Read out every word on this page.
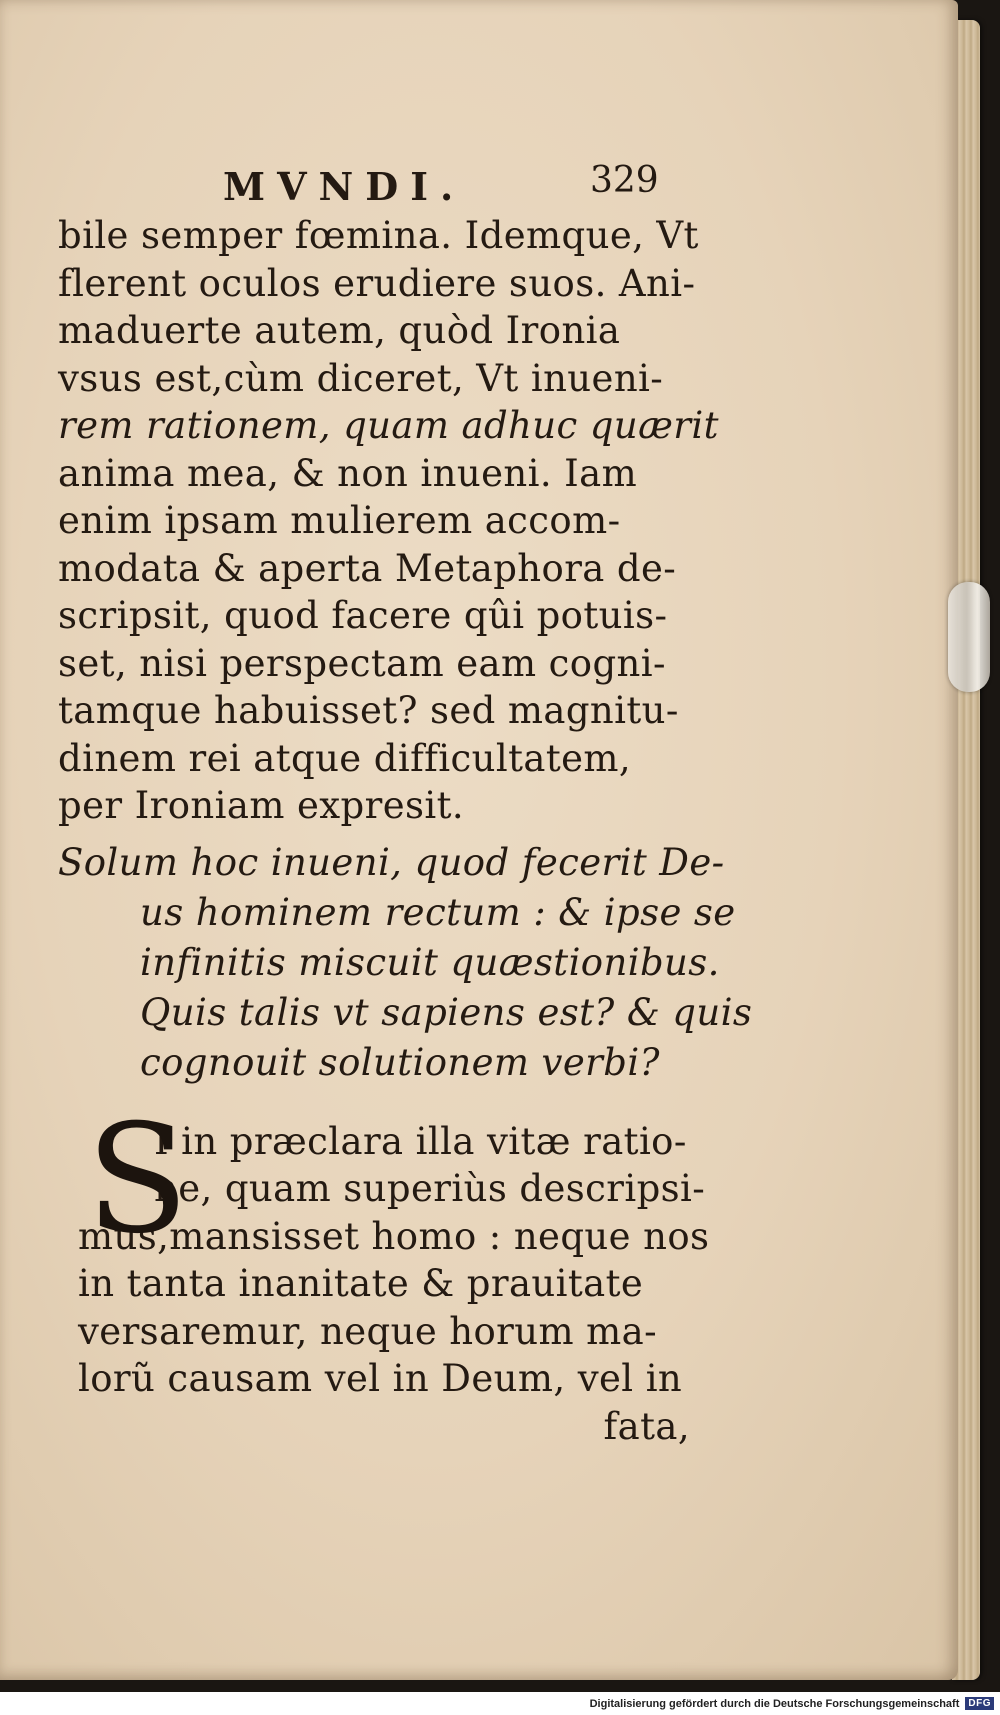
MVNDI.	329
bile semper fœmina. Idemque, Vt
flerent oculos erudiere suos. Ani-
maduerte autem, quòd Ironia
vsus est,cùm diceret, Vt inueni-
rem rationem, quam adhuc quærit
anima mea, & non inueni. Iam
enim ipsam mulierem accom-
modata & aperta Metaphora de-
scripsit, quod facere qûi potuis-
set, nisi perspectam eam cogni-
tamque habuisset? sed magnitu-
dinem rei atque difficultatem,
per Ironiam expresit.
Solum hoc inueni, quod fecerit De-
us hominem rectum : & ipse se
infinitis miscuit quæstionibus.
Quis talis vt sapiens est? & quis
cognouit solutionem verbi?
S
I in præclara illa vitæ ratio-
ne, quam superiùs descripsi-
mus,mansisset homo : neque nos
in tanta inanitate & prauitate
versaremur, neque horum ma-
lorũ causam vel in Deum, vel in
fata,
Digitalisierung gefördert durch die Deutsche Forschungsgemeinschaft DFG
